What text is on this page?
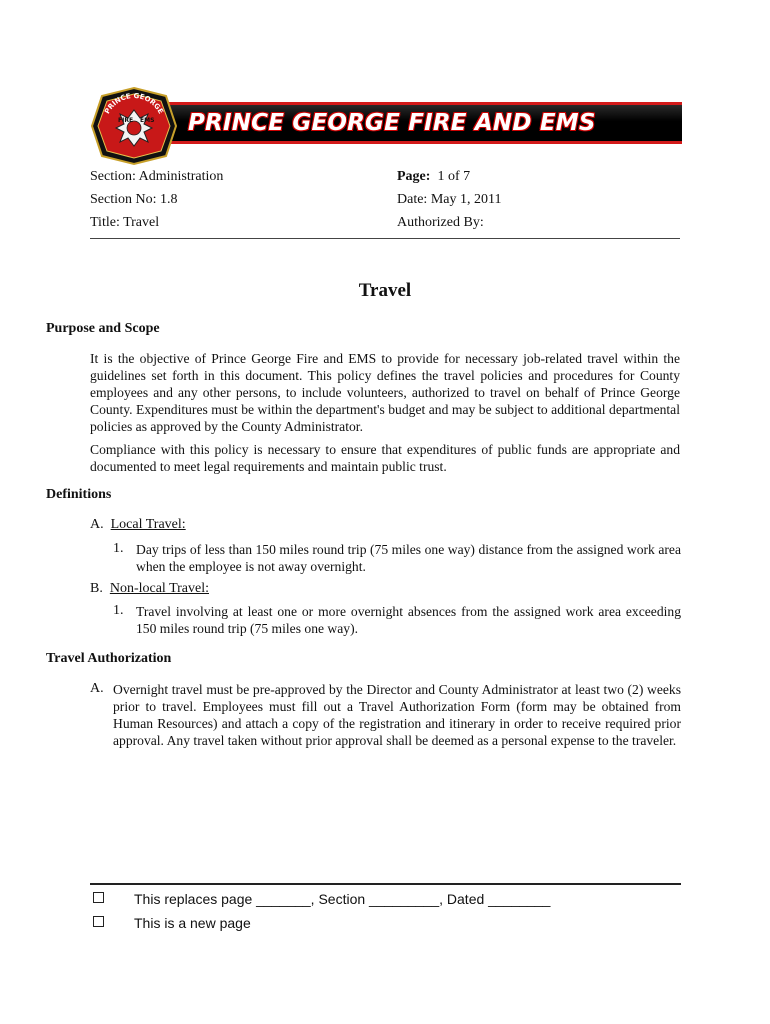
PRINCE GEORGE FIRE AND EMS
PRINCE GEORGE
FIRE EMS
Section: Administration
Section No: 1.8
Title: Travel
Page: 1 of 7
Date: May 1, 2011
Authorized By:
Travel
Purpose and Scope
It is the objective of Prince George Fire and EMS to provide for necessary job-related travel within the guidelines set forth in this document. This policy defines the travel policies and procedures for County employees and any other persons, to include volunteers, authorized to travel on behalf of Prince George County. Expenditures must be within the department's budget and may be subject to additional departmental policies as approved by the County Administrator.
Compliance with this policy is necessary to ensure that expenditures of public funds are appropriate and documented to meet legal requirements and maintain public trust.
Definitions
A. Local Travel:
1. Day trips of less than 150 miles round trip (75 miles one way) distance from the assigned work area when the employee is not away overnight.
B. Non-local Travel:
1. Travel involving at least one or more overnight absences from the assigned work area exceeding 150 miles round trip (75 miles one way).
Travel Authorization
A. Overnight travel must be pre-approved by the Director and County Administrator at least two (2) weeks prior to travel. Employees must fill out a Travel Authorization Form (form may be obtained from Human Resources) and attach a copy of the registration and itinerary in order to receive required prior approval. Any travel taken without prior approval shall be deemed as a personal expense to the traveler.
This replaces page _______, Section _________, Dated ________
This is a new page
